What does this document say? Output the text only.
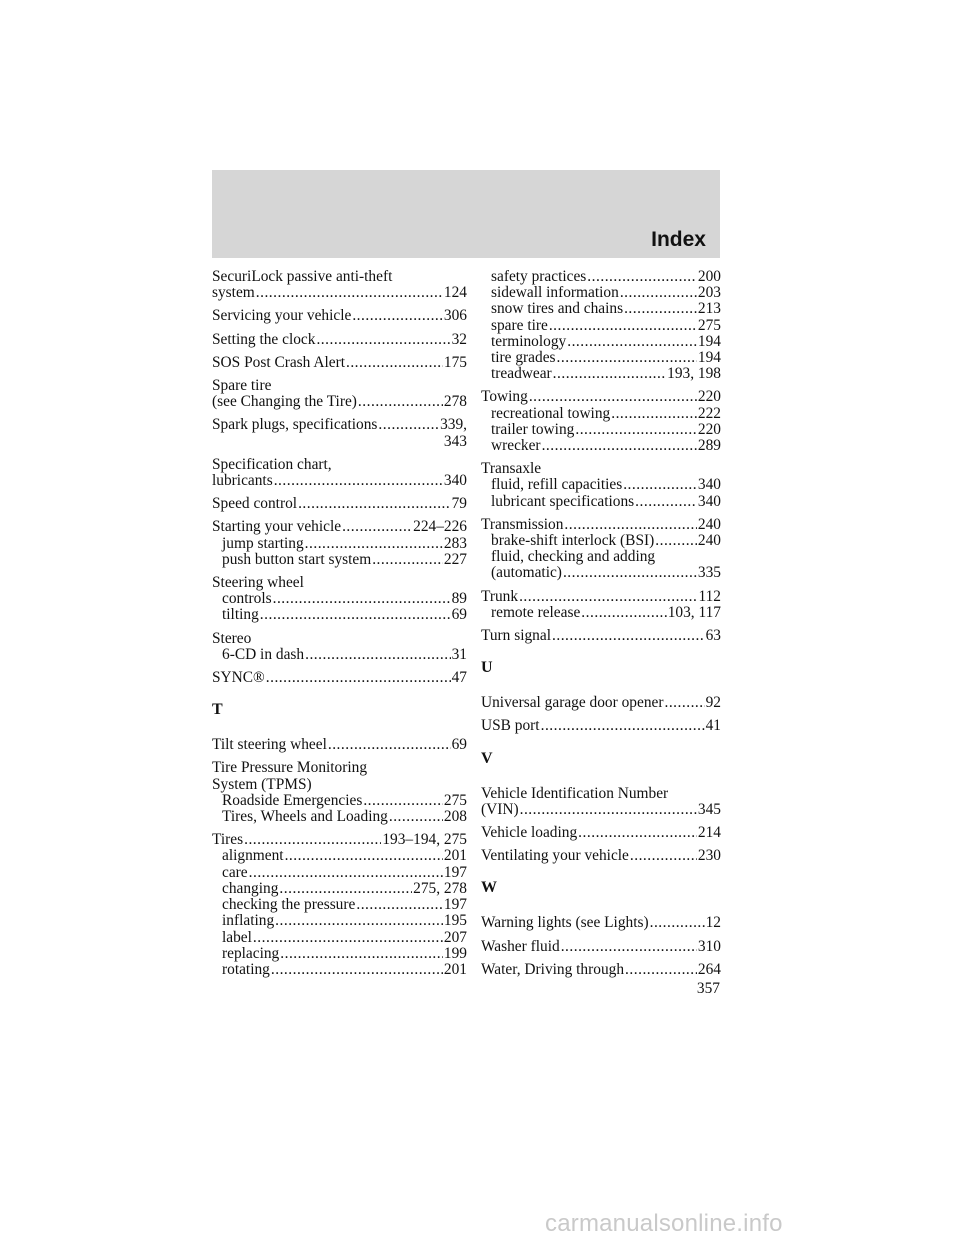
Index
SecuriLock passive anti-theft
system .....	124
Servicing your vehicle .....	306
Setting the clock .....	32
SOS Post Crash Alert .....	175
Spare tire
(see Changing the Tire) .....	278
Spark plugs, specifications .....	339,
343
Specification chart,
lubricants .....	340
Speed control .....	79
Starting your vehicle .....	224–226
jump starting .....	283
push button start system .....	227
Steering wheel
controls .....	89
tilting .....	69
Stereo
6-CD in dash .....	31
SYNC® .....	47
T
Tilt steering wheel .....	69
Tire Pressure Monitoring
System (TPMS)
Roadside Emergencies .....	275
Tires, Wheels and Loading .....	208
Tires .....	193–194, 275
alignment .....	201
care .....	197
changing .....	275, 278
checking the pressure .....	197
inflating .....	195
label .....	207
replacing .....	199
rotating .....	201
safety practices .....	200
sidewall information .....	203
snow tires and chains .....	213
spare tire .....	275
terminology .....	194
tire grades .....	194
treadwear .....	193, 198
Towing .....	220
recreational towing .....	222
trailer towing .....	220
wrecker .....	289
Transaxle
fluid, refill capacities .....	340
lubricant specifications .....	340
Transmission .....	240
brake-shift interlock (BSI) .....	240
fluid, checking and adding
(automatic) .....	335
Trunk .....	112
remote release .....	103, 117
Turn signal .....	63
U
Universal garage door opener .....	92
USB port .....	41
V
Vehicle Identification Number
(VIN) .....	345
Vehicle loading .....	214
Ventilating your vehicle .....	230
W
Warning lights (see Lights) .....	12
Washer fluid .....	310
Water, Driving through .....	264
357
carmanualsonline.info
